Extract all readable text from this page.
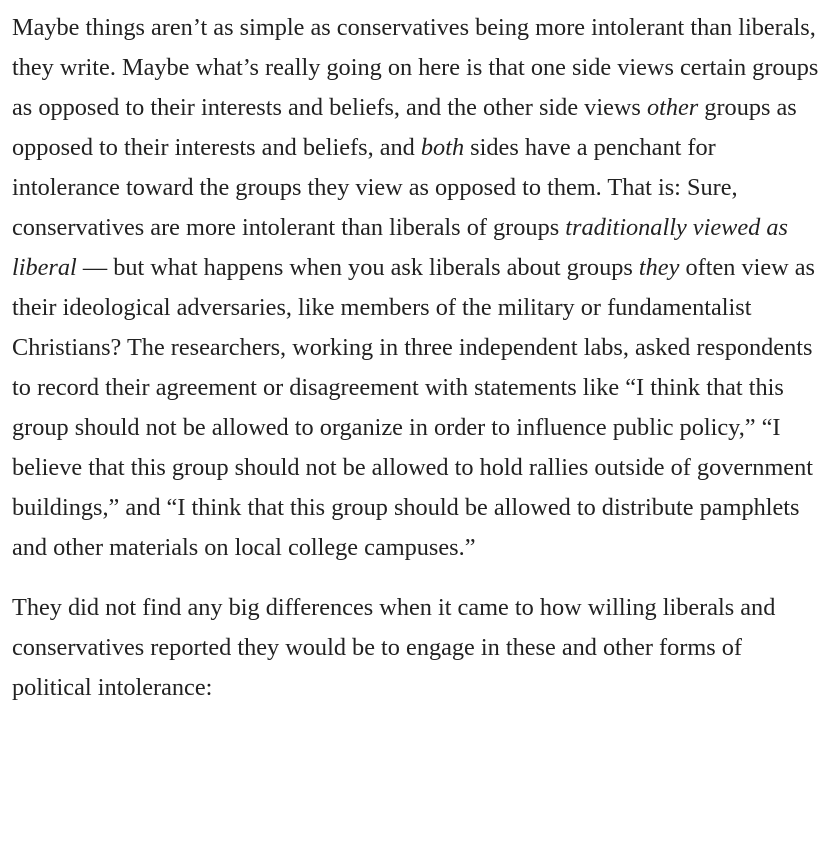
Maybe things aren’t as simple as conservatives being more intolerant than liberals, they write. Maybe what’s really going on here is that one side views certain groups as opposed to their interests and beliefs, and the other side views other groups as opposed to their interests and beliefs, and both sides have a penchant for intolerance toward the groups they view as opposed to them. That is: Sure, conservatives are more intolerant than liberals of groups traditionally viewed as liberal — but what happens when you ask liberals about groups they often view as their ideological adversaries, like members of the military or fundamentalist Christians? The researchers, working in three independent labs, asked respondents to record their agreement or disagreement with statements like “I think that this group should not be allowed to organize in order to influence public policy,” “I believe that this group should not be allowed to hold rallies outside of government buildings,” and “I think that this group should be allowed to distribute pamphlets and other materials on local college campuses.”

They did not find any big differences when it came to how willing liberals and conservatives reported they would be to engage in these and other forms of political intolerance:
